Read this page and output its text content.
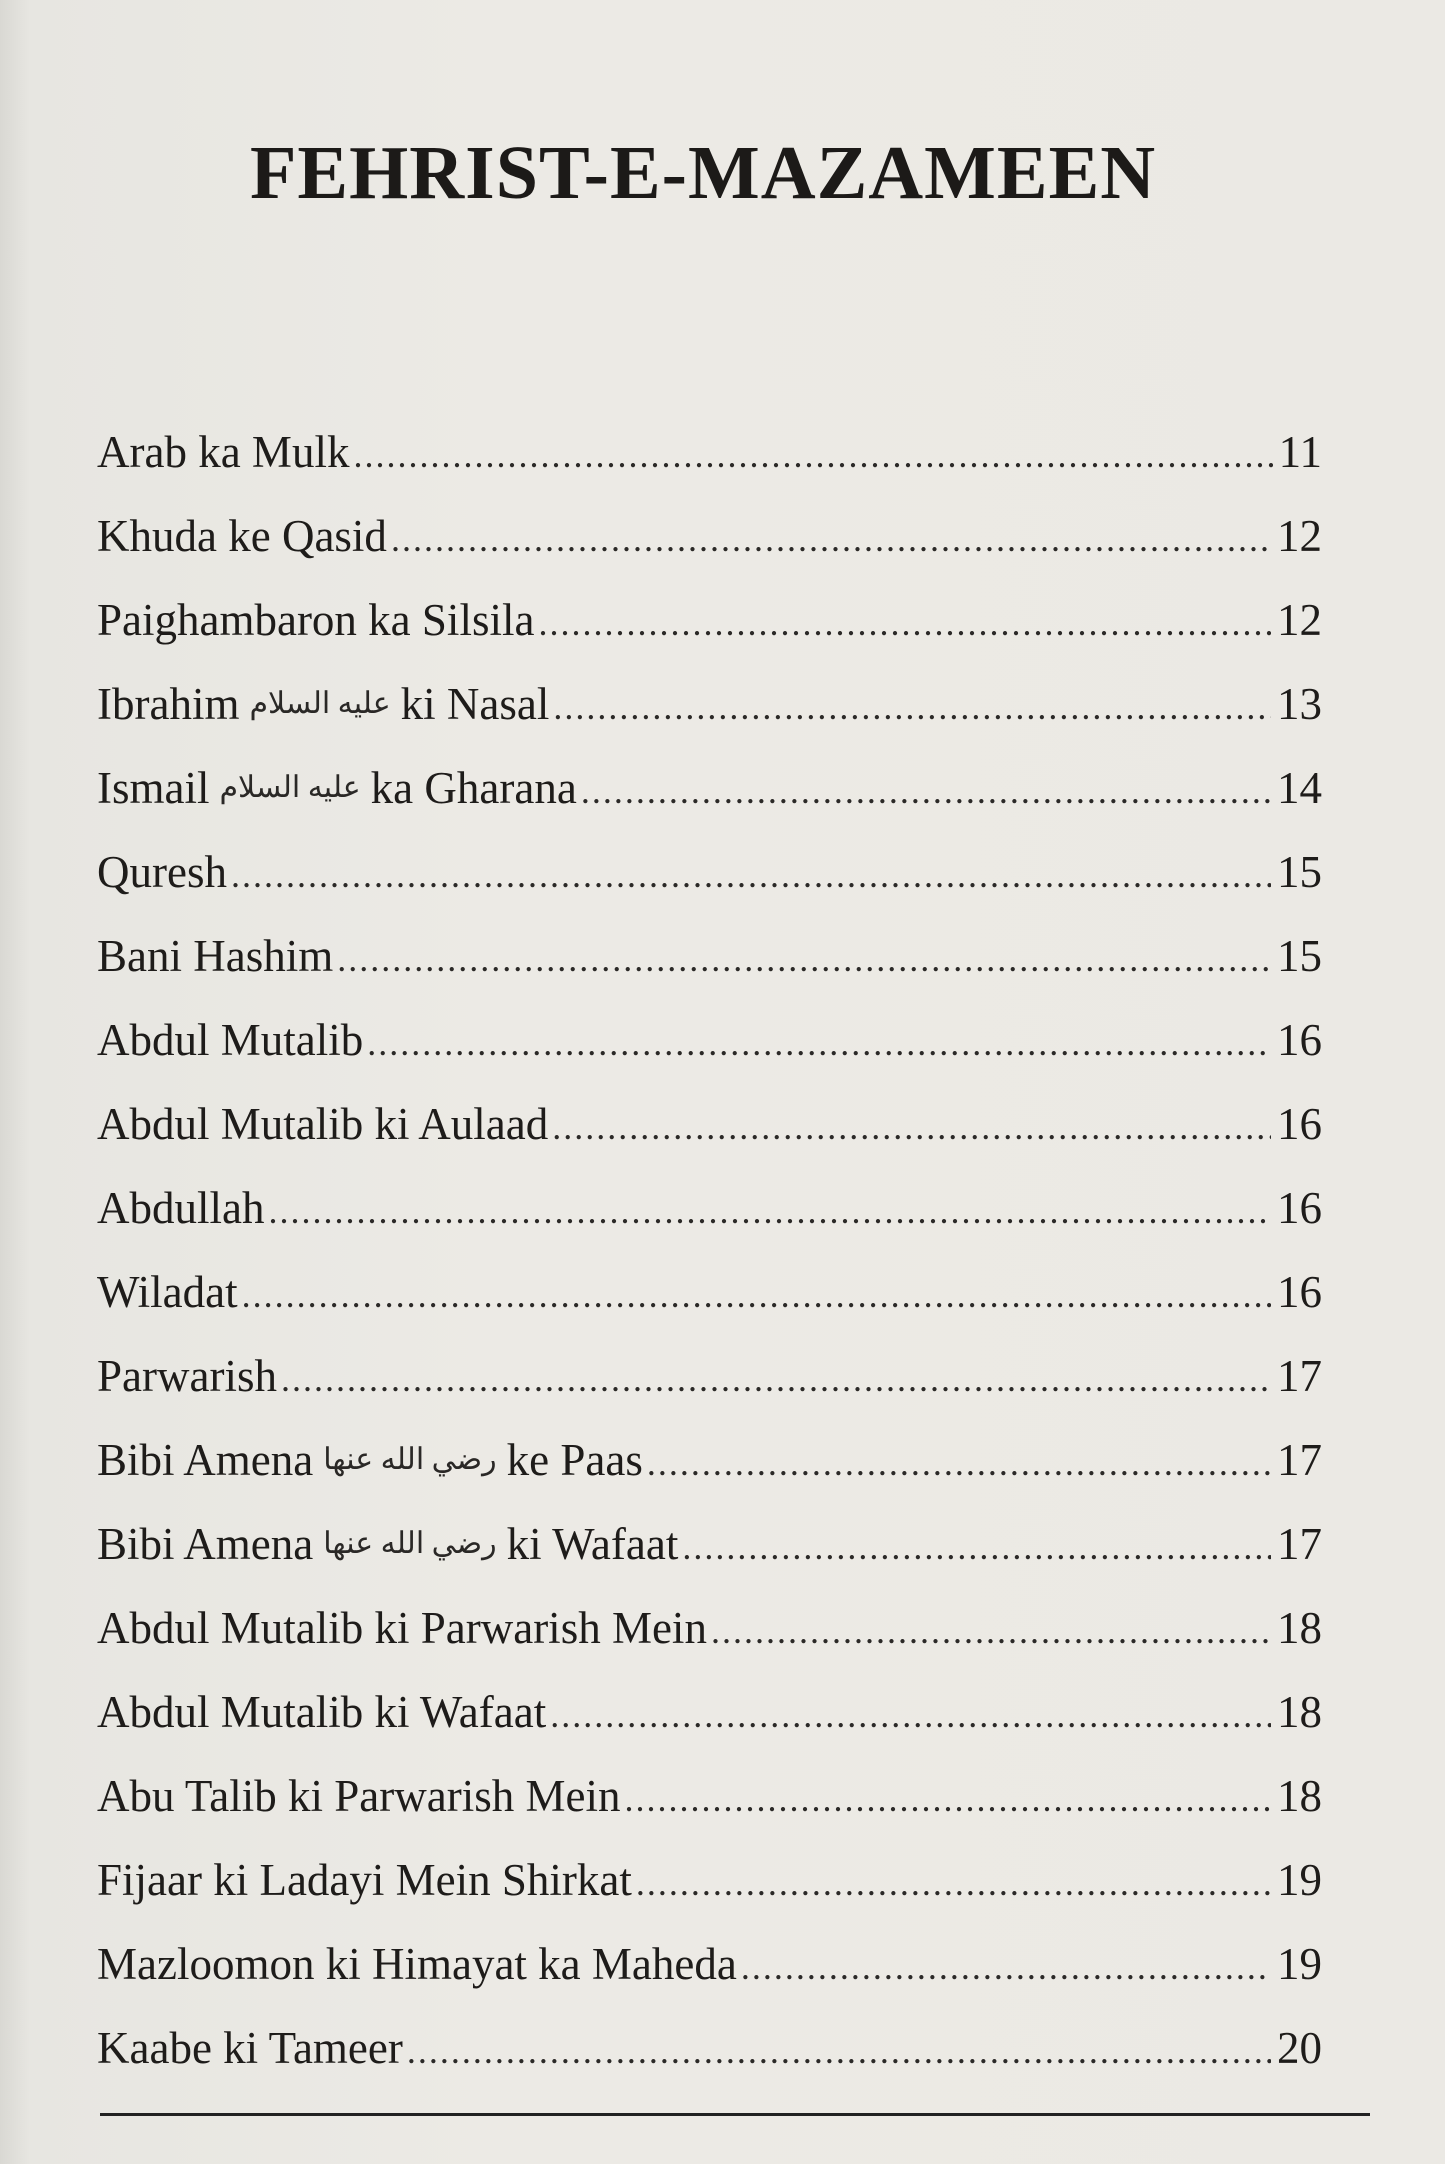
FEHRIST-E-MAZAMEEN
Arab ka Mulk .....	11
Khuda ke Qasid .....	12
Paighambaron ka Silsila .....	12
Ibrahim عليه السلام ki Nasal .....	13
Ismail عليه السلام ka Gharana .....	14
Quresh .....	15
Bani Hashim .....	15
Abdul Mutalib .....	16
Abdul Mutalib ki Aulaad .....	16
Abdullah .....	16
Wiladat .....	16
Parwarish .....	17
Bibi Amena رضي الله عنها ke Paas .....	17
Bibi Amena رضي الله عنها ki Wafaat .....	17
Abdul Mutalib ki Parwarish Mein .....	18
Abdul Mutalib ki Wafaat .....	18
Abu Talib ki Parwarish Mein .....	18
Fijaar ki Ladayi Mein Shirkat .....	19
Mazloomon ki Himayat ka Maheda .....	19
Kaabe ki Tameer .....	20
